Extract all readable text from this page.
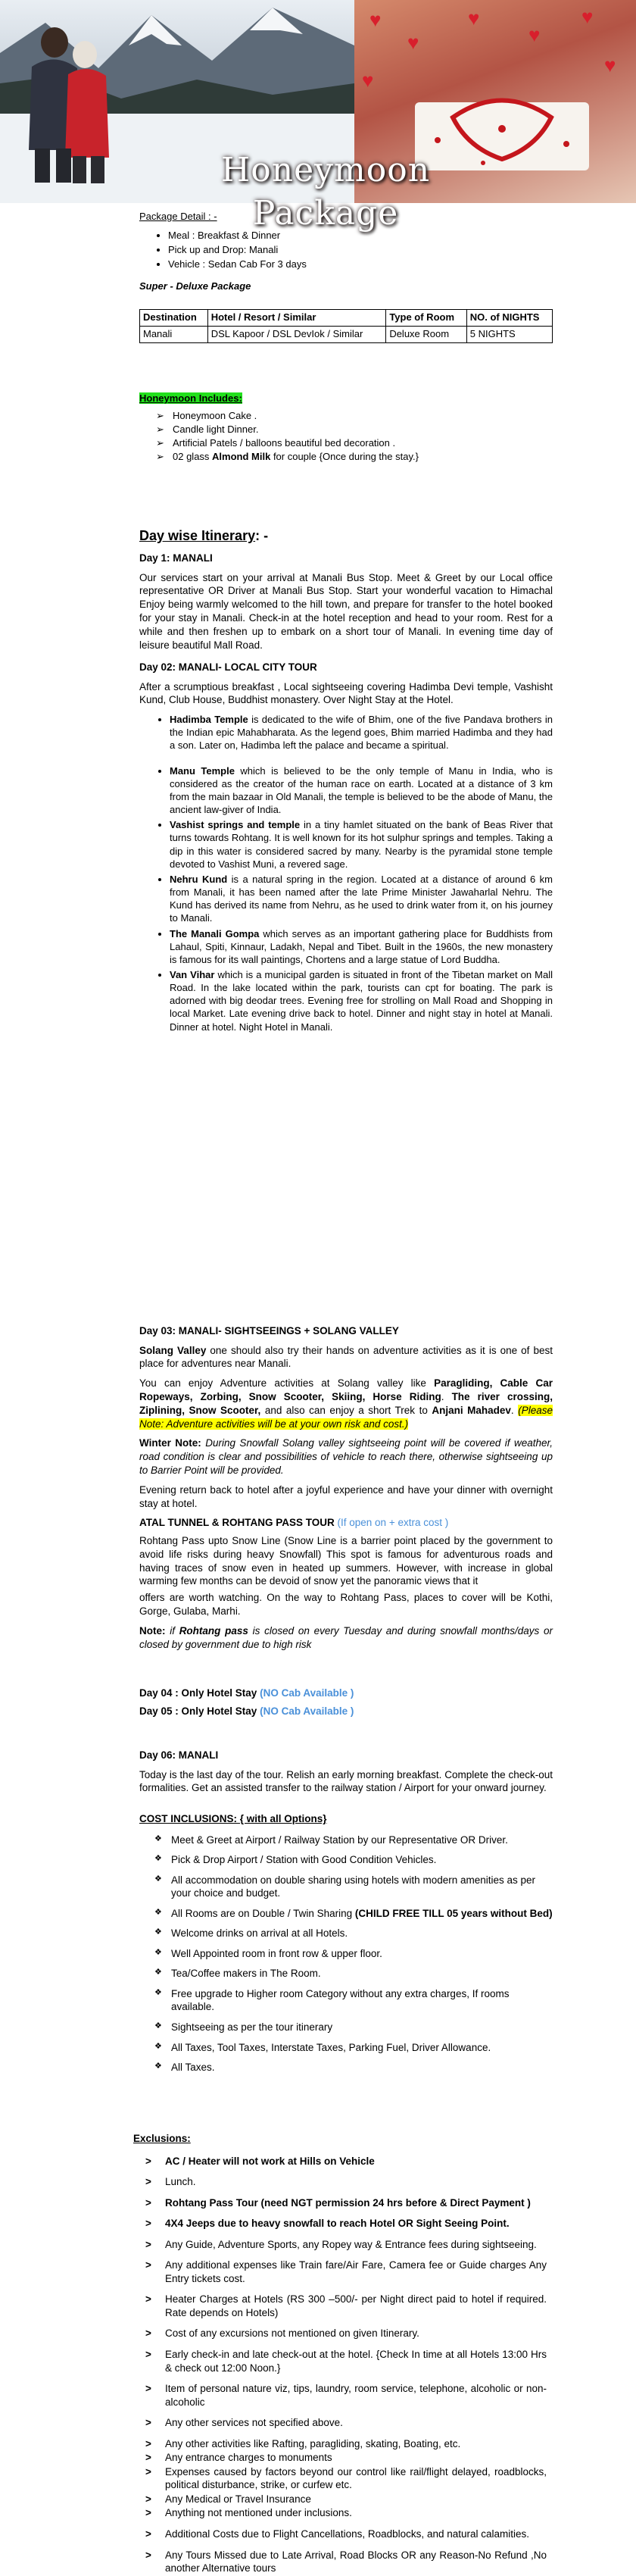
♥
♥
♥
♥
♥
♥
♥
Honeymoon Package
Package Detail : -
• Meal : Breakfast & Dinner
• Pick up and Drop: Manali
• Vehicle : Sedan Cab For 3 days
Super - Deluxe Package
Destination	Hotel / Resort / Similar	Type of Room	NO. of NIGHTS
Manali	DSL Kapoor / DSL DevIok / Similar	Deluxe Room	5 NIGHTS
Honeymoon Includes:
➢ Honeymoon Cake .
➢ Candle light Dinner.
➢ Artificial Patels / balloons beautiful bed decoration .
➢ 02 glass Almond Milk for couple {Once during the stay.}
Day wise Itinerary: -
Day 1: MANALI

Our services start on your arrival at Manali Bus Stop. Meet & Greet by our Local office representative OR Driver at Manali Bus Stop. Start your wonderful vacation to Himachal Enjoy being warmly welcomed to the hill town, and prepare for transfer to the hotel booked for your stay in Manali. Check-in at the hotel reception and head to your room. Rest for a while and then freshen up to embark on a short tour of Manali. In evening time day of leisure beautiful Mall Road.

Day 02: MANALI- LOCAL CITY TOUR

After a scrumptious breakfast , Local sightseeing covering Hadimba Devi temple, Vashisht Kund, Club House, Buddhist monastery. Over Night Stay at the Hotel.

• Hadimba Temple is dedicated to the wife of Bhim, one of the five Pandava brothers in the Indian epic Mahabharata. As the legend goes, Bhim married Hadimba and they had a son. Later on, Hadimba left the palace and became a spiritual.
• Manu Temple which is believed to be the only temple of Manu in India, who is considered as the creator of the human race on earth. Located at a distance of 3 km from the main bazaar in Old Manali, the temple is believed to be the abode of Manu, the ancient law-giver of India.
• Vashist springs and temple in a tiny hamlet situated on the bank of Beas River that turns towards Rohtang. It is well known for its hot sulphur springs and temples. Taking a dip in this water is considered sacred by many. Nearby is the pyramidal stone temple devoted to Vashist Muni, a revered sage.
• Nehru Kund is a natural spring in the region. Located at a distance of around 6 km from Manali, it has been named after the late Prime Minister Jawaharlal Nehru. The Kund has derived its name from Nehru, as he used to drink water from it, on his journey to Manali.
• The Manali Gompa which serves as an important gathering place for Buddhists from Lahaul, Spiti, Kinnaur, Ladakh, Nepal and Tibet. Built in the 1960s, the new monastery is famous for its wall paintings, Chortens and a large statue of Lord Buddha.
• Van Vihar which is a municipal garden is situated in front of the Tibetan market on Mall Road. In the lake located within the park, tourists can cpt for boating. The park is adorned with big deodar trees. Evening free for strolling on Mall Road and Shopping in local Market. Late evening drive back to hotel. Dinner and night stay in hotel at Manali. Dinner at hotel. Night Hotel in Manali.
Day 03: MANALI- SIGHTSEEINGS + SOLANG VALLEY

Solang Valley one should also try their hands on adventure activities as it is one of best place for adventures near Manali.

You can enjoy Adventure activities at Solang valley like Paragliding, Cable Car Ropeways, Zorbing, Snow Scooter, Skiing, Horse Riding. The river crossing, Ziplining, Snow Scooter, and also can enjoy a short Trek to Anjani Mahadev. (Please Note: Adventure activities will be at your own risk and cost.)

Winter Note: During Snowfall Solang valley sightseeing point will be covered if weather, road condition is clear and possibilities of vehicle to reach there, otherwise sightseeing up to Barrier Point will be provided.

Evening return back to hotel after a joyful experience and have your dinner with overnight stay at hotel.

ATAL TUNNEL & ROHTANG PASS TOUR (If open on + extra cost )

Rohtang Pass upto Snow Line (Snow Line is a barrier point placed by the government to avoid life risks during heavy Snowfall) This spot is famous for adventurous roads and having traces of snow even in heated up summers. However, with increase in global warming few months can be devoid of snow yet the panoramic views that it

offers are worth watching. On the way to Rohtang Pass, places to cover will be Kothi, Gorge, Gulaba, Marhi.

Note: if Rohtang pass is closed on every Tuesday and during snowfall months/days or closed by government due to high risk

Day 04 : Only Hotel Stay (NO Cab Available )
Day 05 : Only Hotel Stay (NO Cab Available )
Day 06: MANALI

Today is the last day of the tour. Relish an early morning breakfast. Complete the check-out formalities. Get an assisted transfer to the railway station / Airport for your onward journey.

COST INCLUSIONS: { with all Options}
❖ Meet & Greet at Airport / Railway Station by our Representative OR Driver.
❖ Pick & Drop Airport / Station with Good Condition Vehicles.
❖ All accommodation on double sharing using hotels with modern amenities as per your choice and budget.
❖ All Rooms are on Double / Twin Sharing (CHILD FREE TILL 05 years without Bed)
❖ Welcome drinks on arrival at all Hotels.
❖ Well Appointed room in front row & upper floor.
❖ Tea/Coffee makers in The Room.
❖ Free upgrade to Higher room Category without any extra charges, If rooms available.
❖ Sightseeing as per the tour itinerary
❖ All Taxes, Tool Taxes, Interstate Taxes, Parking Fuel, Driver Allowance.
❖ All Taxes.
Exclusions:
> AC / Heater will not work at Hills on Vehicle
> Lunch.
> Rohtang Pass Tour (need NGT permission 24 hrs before & Direct Payment )
> 4X4 Jeeps due to heavy snowfall to reach Hotel OR Sight Seeing Point.
> Any Guide, Adventure Sports, any Ropey way & Entrance fees during sightseeing.
> Any additional expenses like Train fare/Air Fare, Camera fee or Guide charges Any Entry tickets cost.
> Heater Charges at Hotels (RS 300 –500/- per Night direct paid to hotel if required. Rate depends on Hotels)
> Cost of any excursions not mentioned on given Itinerary.
> Early check-in and late check-out at the hotel. {Check In time at all Hotels 13:00 Hrs & check out 12:00 Noon.}
> Item of personal nature viz, tips, laundry, room service, telephone, alcoholic or non-alcoholic
> Any other services not specified above.
> Any other activities like Rafting, paragliding, skating, Boating, etc.
> Any entrance charges to monuments
> Expenses caused by factors beyond our control like rail/flight delayed, roadblocks, political disturbance, strike, or curfew etc.
> Any Medical or Travel Insurance
> Anything not mentioned under inclusions.
> Additional Costs due to Flight Cancellations, Roadblocks, and natural calamities.
> Any Tours Missed due to Late Arrival, Road Blocks OR any Reason-No Refund ,No another Alternative tours
